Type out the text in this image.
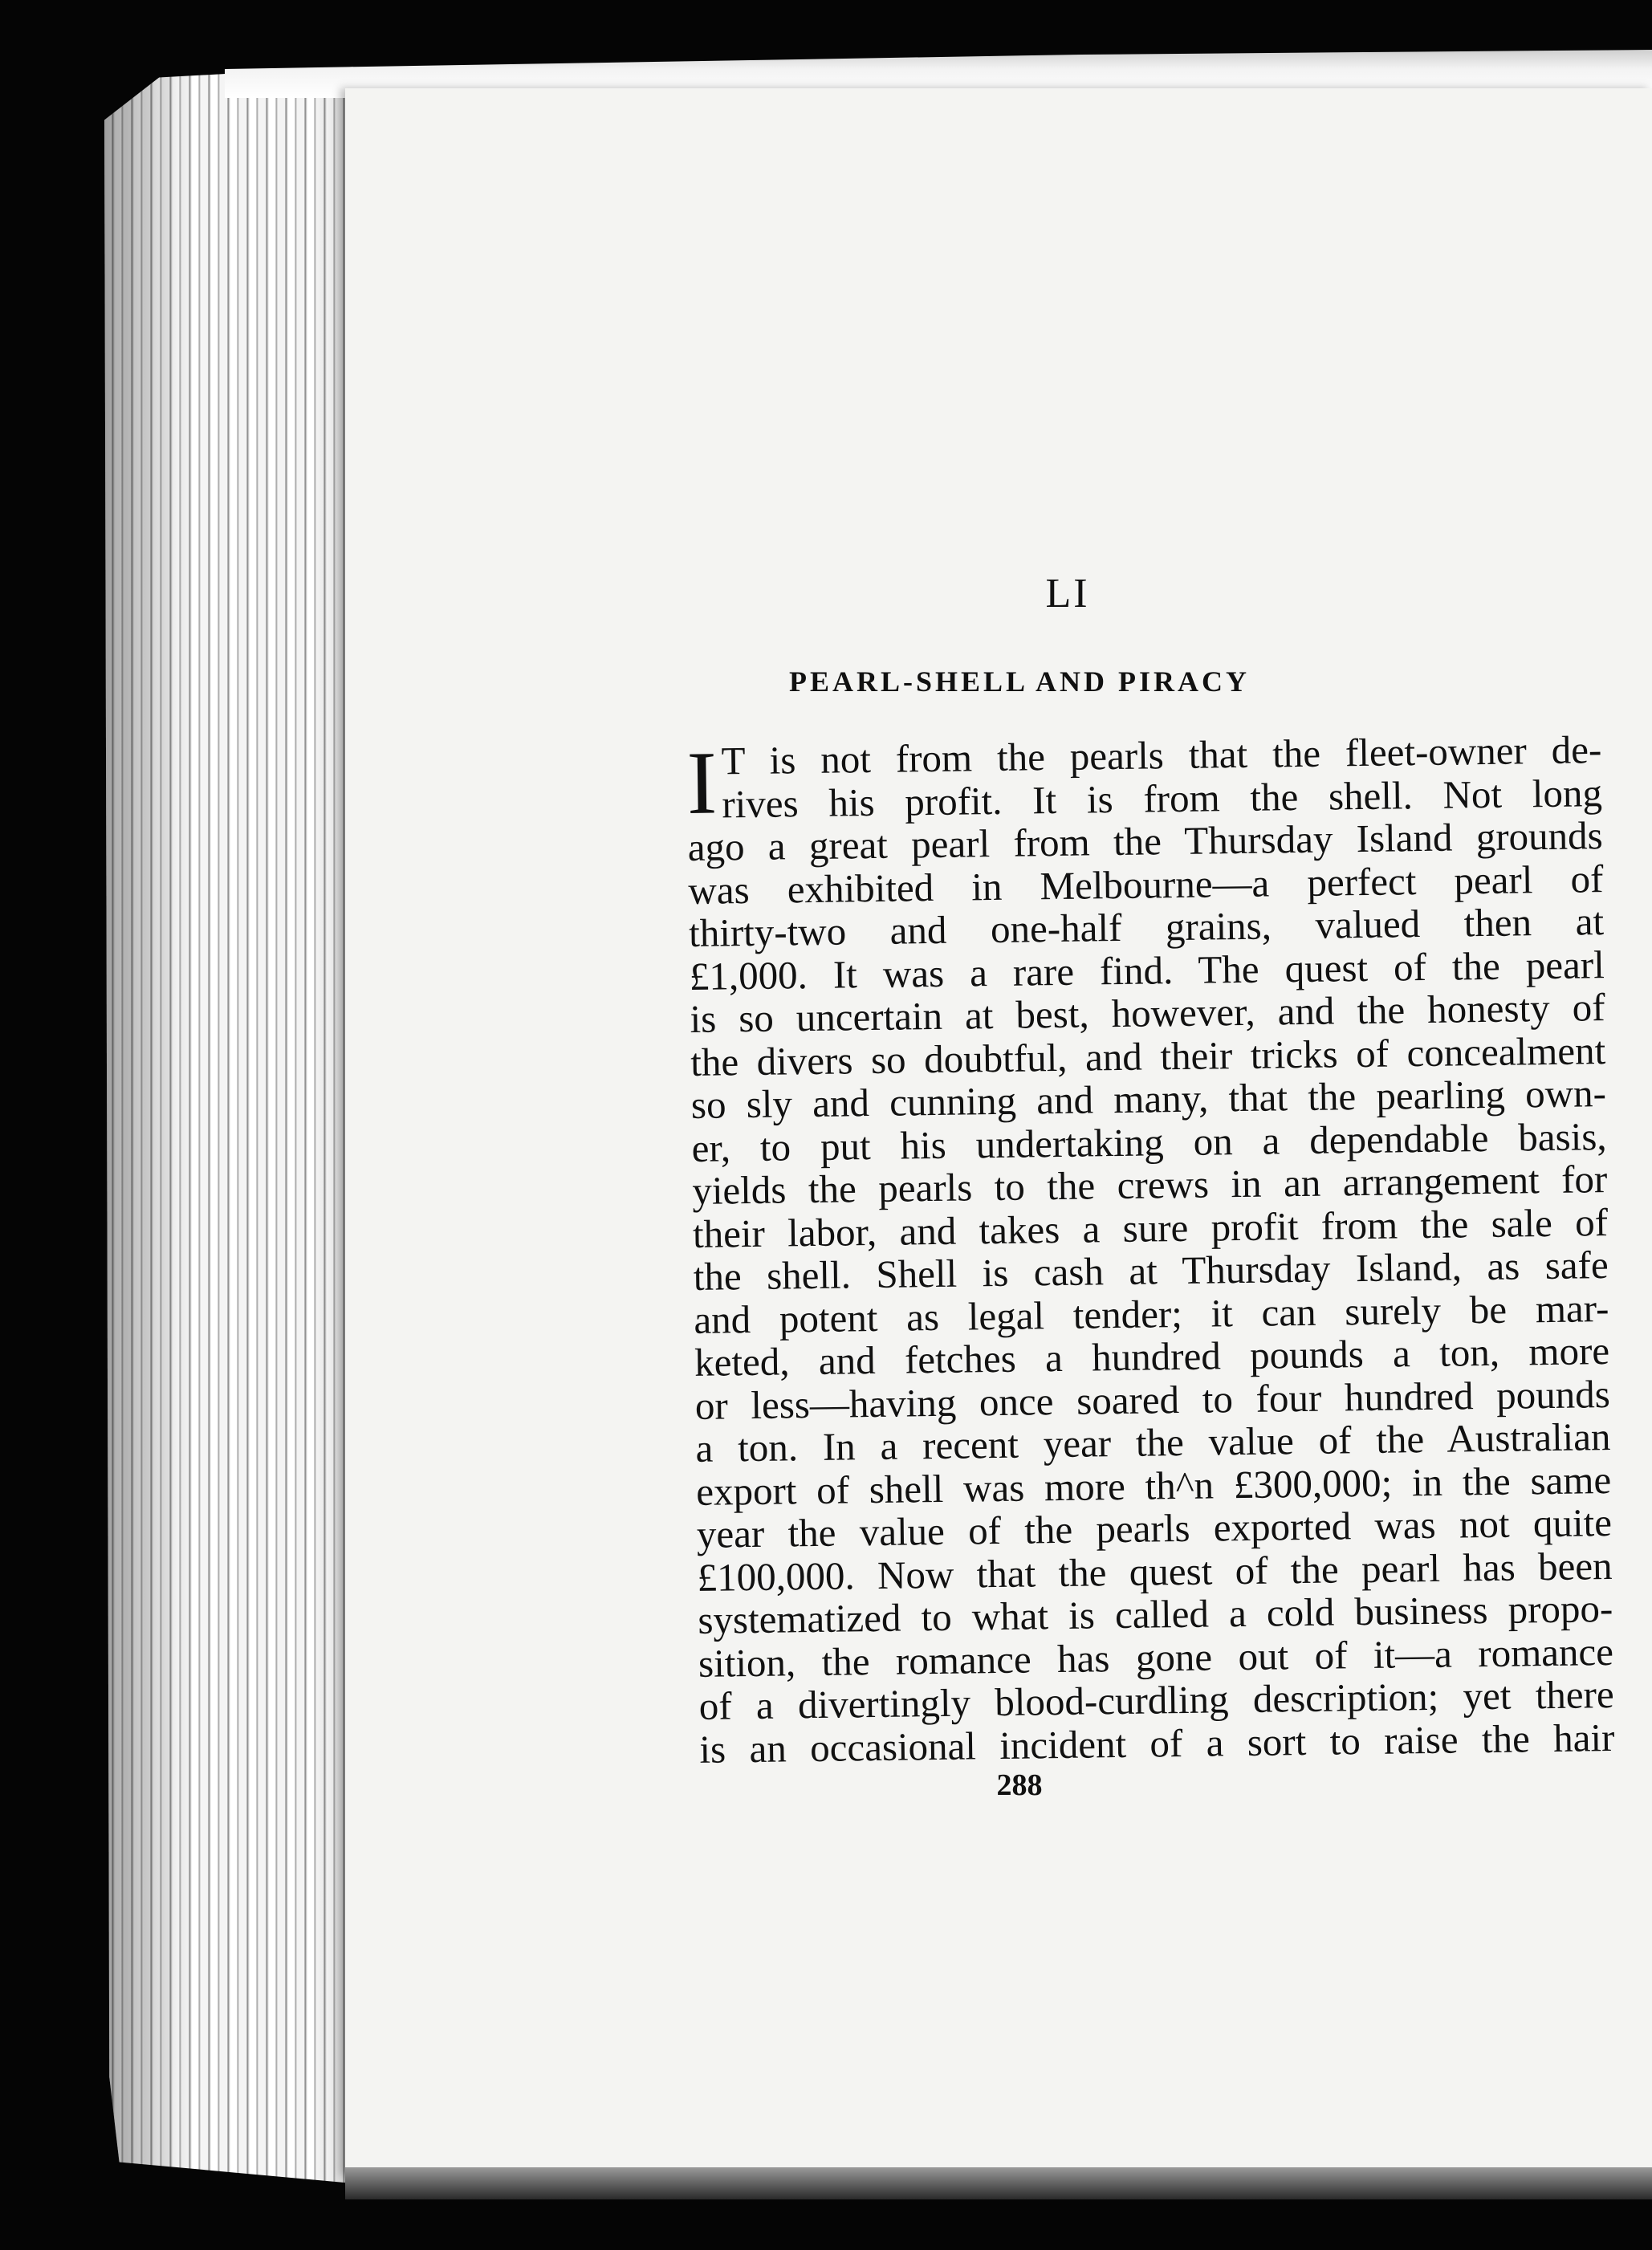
LI
PEARL-SHELL AND PIRACY
I T is not from the pearls that the fleet-owner de-
rives his profit. It is from the shell. Not long
ago a great pearl from the Thursday Island grounds
was exhibited in Melbourne—a perfect pearl of
thirty-two and one-half grains, valued then at
£1,000. It was a rare find. The quest of the pearl
is so uncertain at best, however, and the honesty of
the divers so doubtful, and their tricks of concealment
so sly and cunning and many, that the pearling own-
er, to put his undertaking on a dependable basis,
yields the pearls to the crews in an arrangement for
their labor, and takes a sure profit from the sale of
the shell. Shell is cash at Thursday Island, as safe
and potent as legal tender; it can surely be mar-
keted, and fetches a hundred pounds a ton, more
or less—having once soared to four hundred pounds
a ton. In a recent year the value of the Australian
export of shell was more th^n £300,000; in the same
year the value of the pearls exported was not quite
£100,000. Now that the quest of the pearl has been
systematized to what is called a cold business propo-
sition, the romance has gone out of it—a romance
of a divertingly blood-curdling description; yet there
is an occasional incident of a sort to raise the hair
288
